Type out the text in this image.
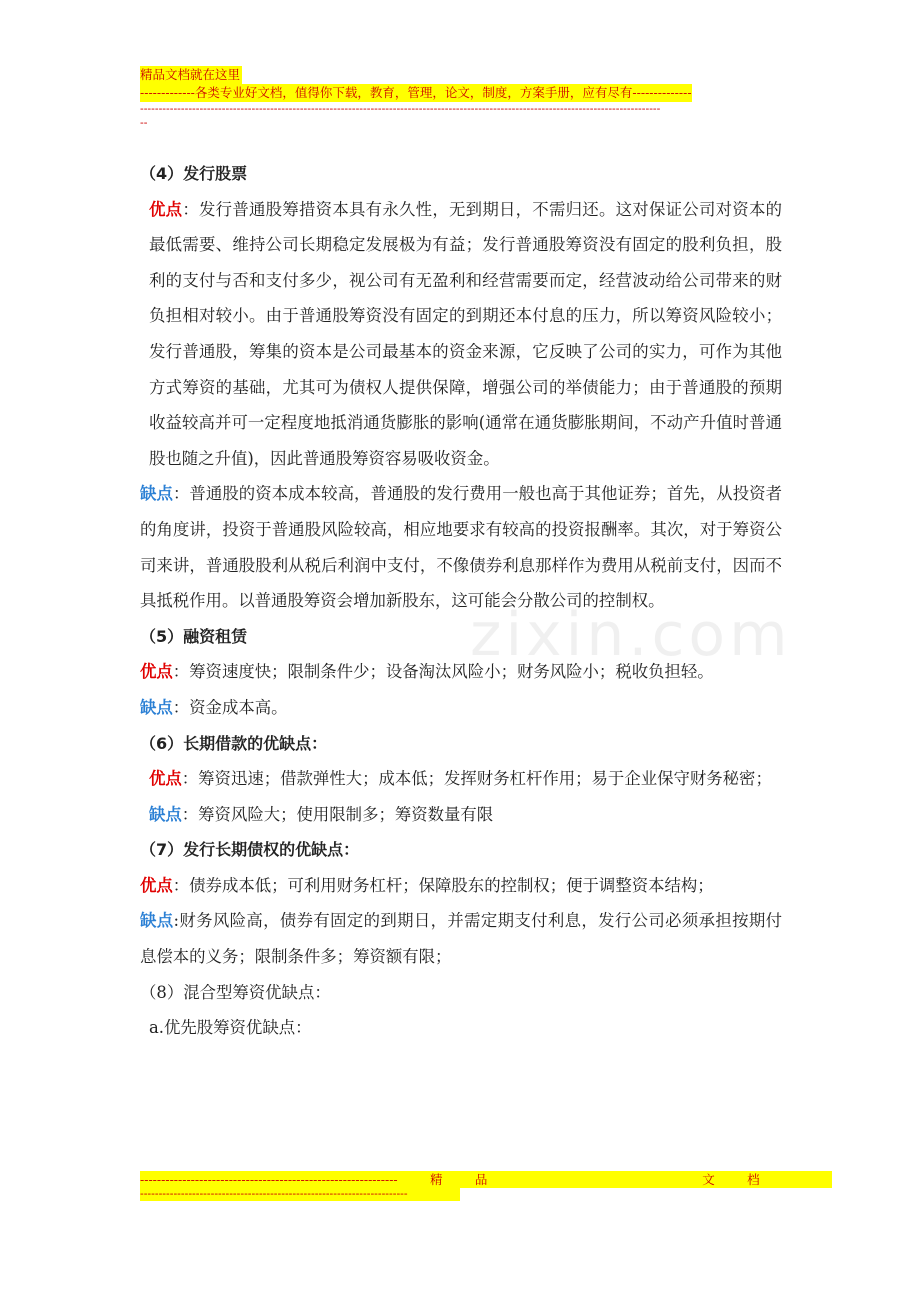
精品文档就在这里
-------------各类专业好文档，值得你下载，教育，管理，论文，制度，方案手册，应有尽有--------------
--------------------------------------------------------------------------------------------------------------------------------------------
--
zixin.com

（4）发行股票

优点：发行普通股筹措资本具有永久性，无到期日，不需归还。这对保证公司对资本的最低需要、维持公司长期稳定发展极为有益；发行普通股筹资没有固定的股利负担，股利的支付与否和支付多少，视公司有无盈利和经营需要而定，经营波动给公司带来的财负担相对较小。由于普通股筹资没有固定的到期还本付息的压力，所以筹资风险较小；发行普通股，筹集的资本是公司最基本的资金来源，它反映了公司的实力，可作为其他方式筹资的基础，尤其可为债权人提供保障，增强公司的举债能力；由于普通股的预期收益较高并可一定程度地抵消通货膨胀的影响(通常在通货膨胀期间，不动产升值时普通股也随之升值)，因此普通股筹资容易吸收资金。

缺点：普通股的资本成本较高，普通股的发行费用一般也高于其他证券；首先，从投资者的角度讲，投资于普通股风险较高，相应地要求有较高的投资报酬率。其次，对于筹资公司来讲，普通股股利从税后利润中支付，不像债券利息那样作为费用从税前支付，因而不具抵税作用。以普通股筹资会增加新股东，这可能会分散公司的控制权。

（5）融资租赁

优点：筹资速度快；限制条件少；设备淘汰风险小；财务风险小；税收负担轻。

缺点：资金成本高。

（6）长期借款的优缺点：

优点：筹资迅速；借款弹性大；成本低；发挥财务杠杆作用；易于企业保守财务秘密；

缺点：筹资风险大；使用限制多；筹资数量有限

（7）发行长期债权的优缺点：

优点：债券成本低；可利用财务杠杆；保障股东的控制权；便于调整资本结构；

缺点:财务风险高，债券有固定的到期日，并需定期支付利息，发行公司必须承担按期付息偿本的义务；限制条件多；筹资额有限；

（8）混合型筹资优缺点：

a.优先股筹资优缺点：

-------------------------------------------------------------	精	品	文	档
------------------------------------------------------------------------
